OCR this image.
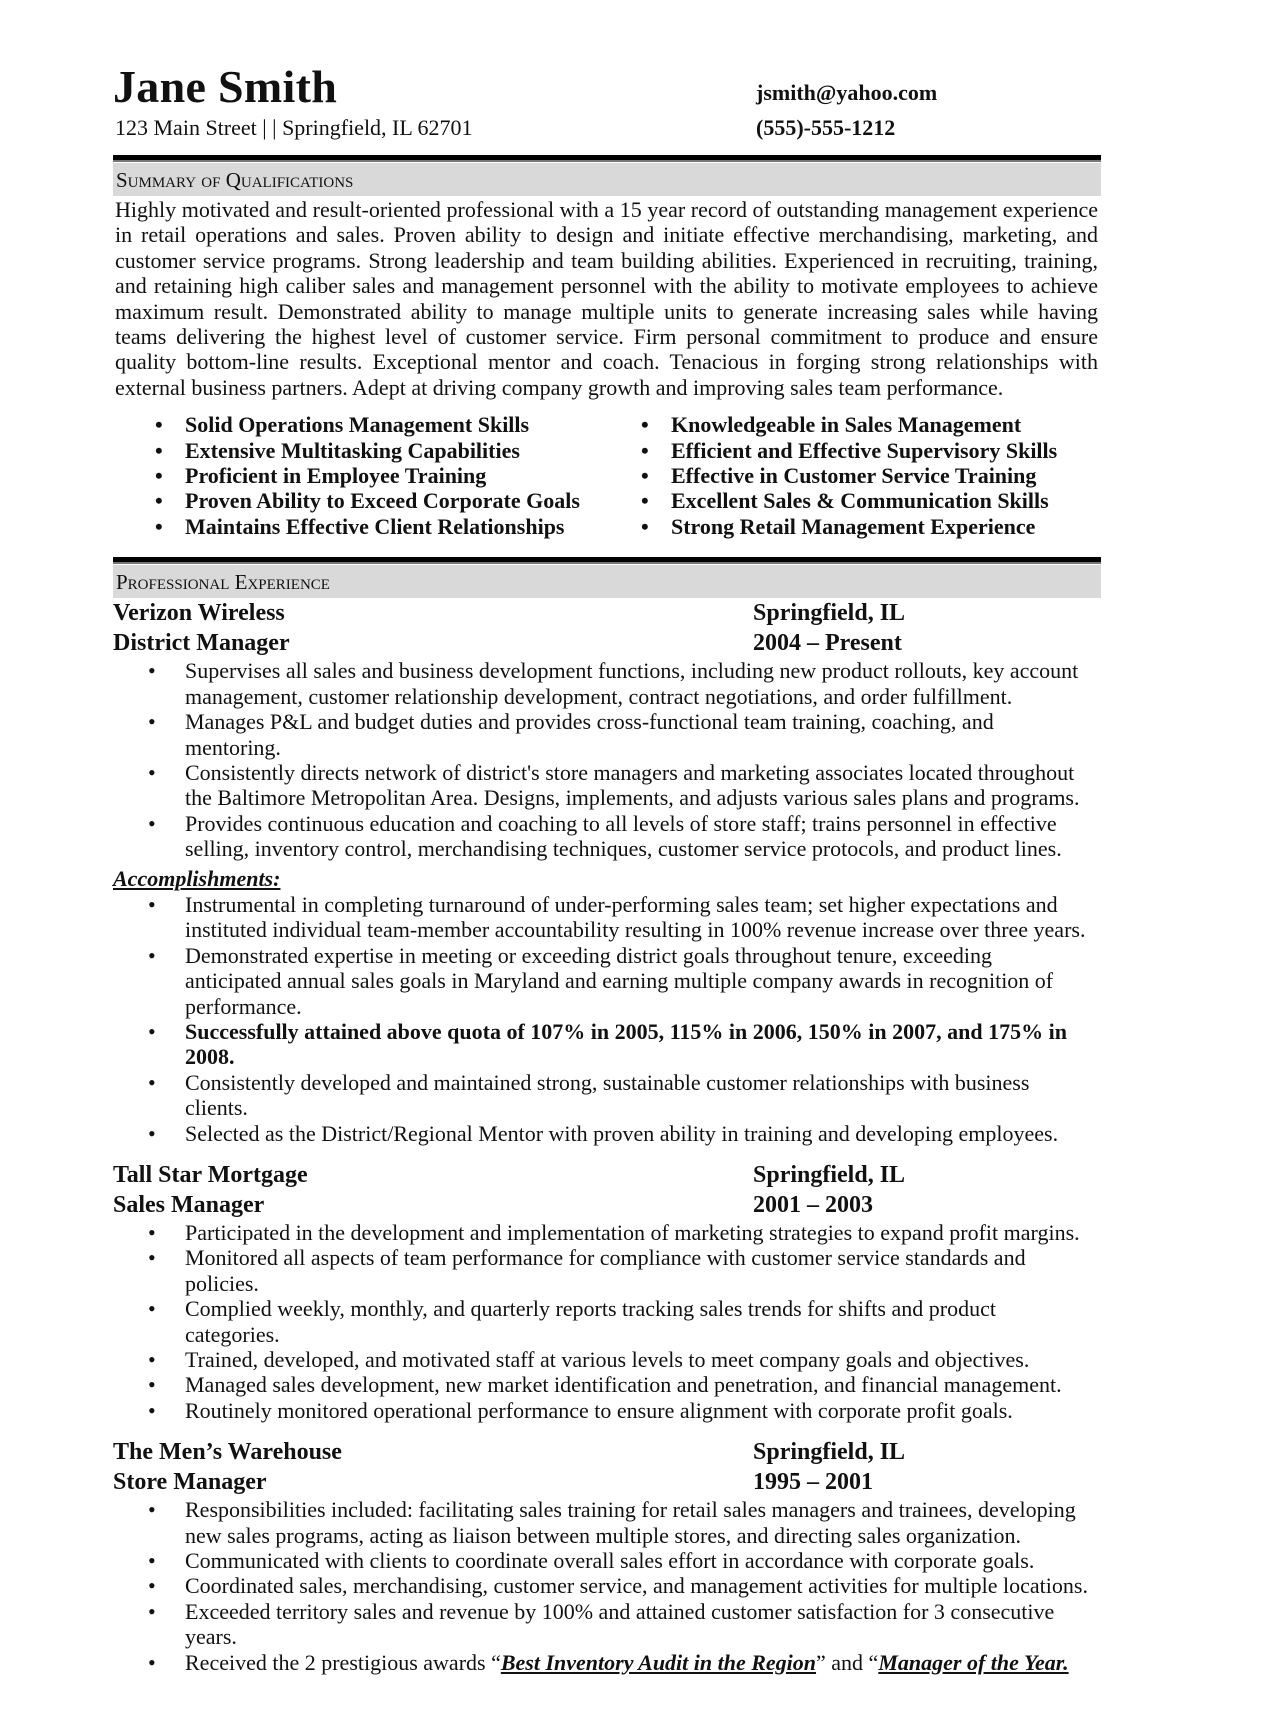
Jane Smith
123 Main Street | | Springfield, IL 62701
jsmith@yahoo.com
(555)-555-1212
Summary of Qualifications
Highly motivated and result-oriented professional with a 15 year record of outstanding management experience in retail operations and sales. Proven ability to design and initiate effective merchandising, marketing, and customer service programs. Strong leadership and team building abilities. Experienced in recruiting, training, and retaining high caliber sales and management personnel with the ability to motivate employees to achieve maximum result. Demonstrated ability to manage multiple units to generate increasing sales while having teams delivering the highest level of customer service. Firm personal commitment to produce and ensure quality bottom-line results. Exceptional mentor and coach. Tenacious in forging strong relationships with external business partners. Adept at driving company growth and improving sales team performance.
• Solid Operations Management Skills
• Extensive Multitasking Capabilities
• Proficient in Employee Training
• Proven Ability to Exceed Corporate Goals
• Maintains Effective Client Relationships
• Knowledgeable in Sales Management
• Efficient and Effective Supervisory Skills
• Effective in Customer Service Training
• Excellent Sales & Communication Skills
• Strong Retail Management Experience
Professional Experience
Verizon Wireless	Springfield, IL
District Manager	2004 – Present
• Supervises all sales and business development functions, including new product rollouts, key account management, customer relationship development, contract negotiations, and order fulfillment.
• Manages P&L and budget duties and provides cross-functional team training, coaching, and mentoring.
• Consistently directs network of district's store managers and marketing associates located throughout the Baltimore Metropolitan Area. Designs, implements, and adjusts various sales plans and programs.
• Provides continuous education and coaching to all levels of store staff; trains personnel in effective selling, inventory control, merchandising techniques, customer service protocols, and product lines.
Accomplishments:
• Instrumental in completing turnaround of under-performing sales team; set higher expectations and instituted individual team-member accountability resulting in 100% revenue increase over three years.
• Demonstrated expertise in meeting or exceeding district goals throughout tenure, exceeding anticipated annual sales goals in Maryland and earning multiple company awards in recognition of performance.
• Successfully attained above quota of 107% in 2005, 115% in 2006, 150% in 2007, and 175% in 2008.
• Consistently developed and maintained strong, sustainable customer relationships with business clients.
• Selected as the District/Regional Mentor with proven ability in training and developing employees.
Tall Star Mortgage	Springfield, IL
Sales Manager	2001 – 2003
• Participated in the development and implementation of marketing strategies to expand profit margins.
• Monitored all aspects of team performance for compliance with customer service standards and policies.
• Complied weekly, monthly, and quarterly reports tracking sales trends for shifts and product categories.
• Trained, developed, and motivated staff at various levels to meet company goals and objectives.
• Managed sales development, new market identification and penetration, and financial management.
• Routinely monitored operational performance to ensure alignment with corporate profit goals.
The Men’s Warehouse	Springfield, IL
Store Manager	1995 – 2001
• Responsibilities included: facilitating sales training for retail sales managers and trainees, developing new sales programs, acting as liaison between multiple stores, and directing sales organization.
• Communicated with clients to coordinate overall sales effort in accordance with corporate goals.
• Coordinated sales, merchandising, customer service, and management activities for multiple locations.
• Exceeded territory sales and revenue by 100% and attained customer satisfaction for 3 consecutive years.
• Received the 2 prestigious awards “Best Inventory Audit in the Region” and “Manager of the Year.
